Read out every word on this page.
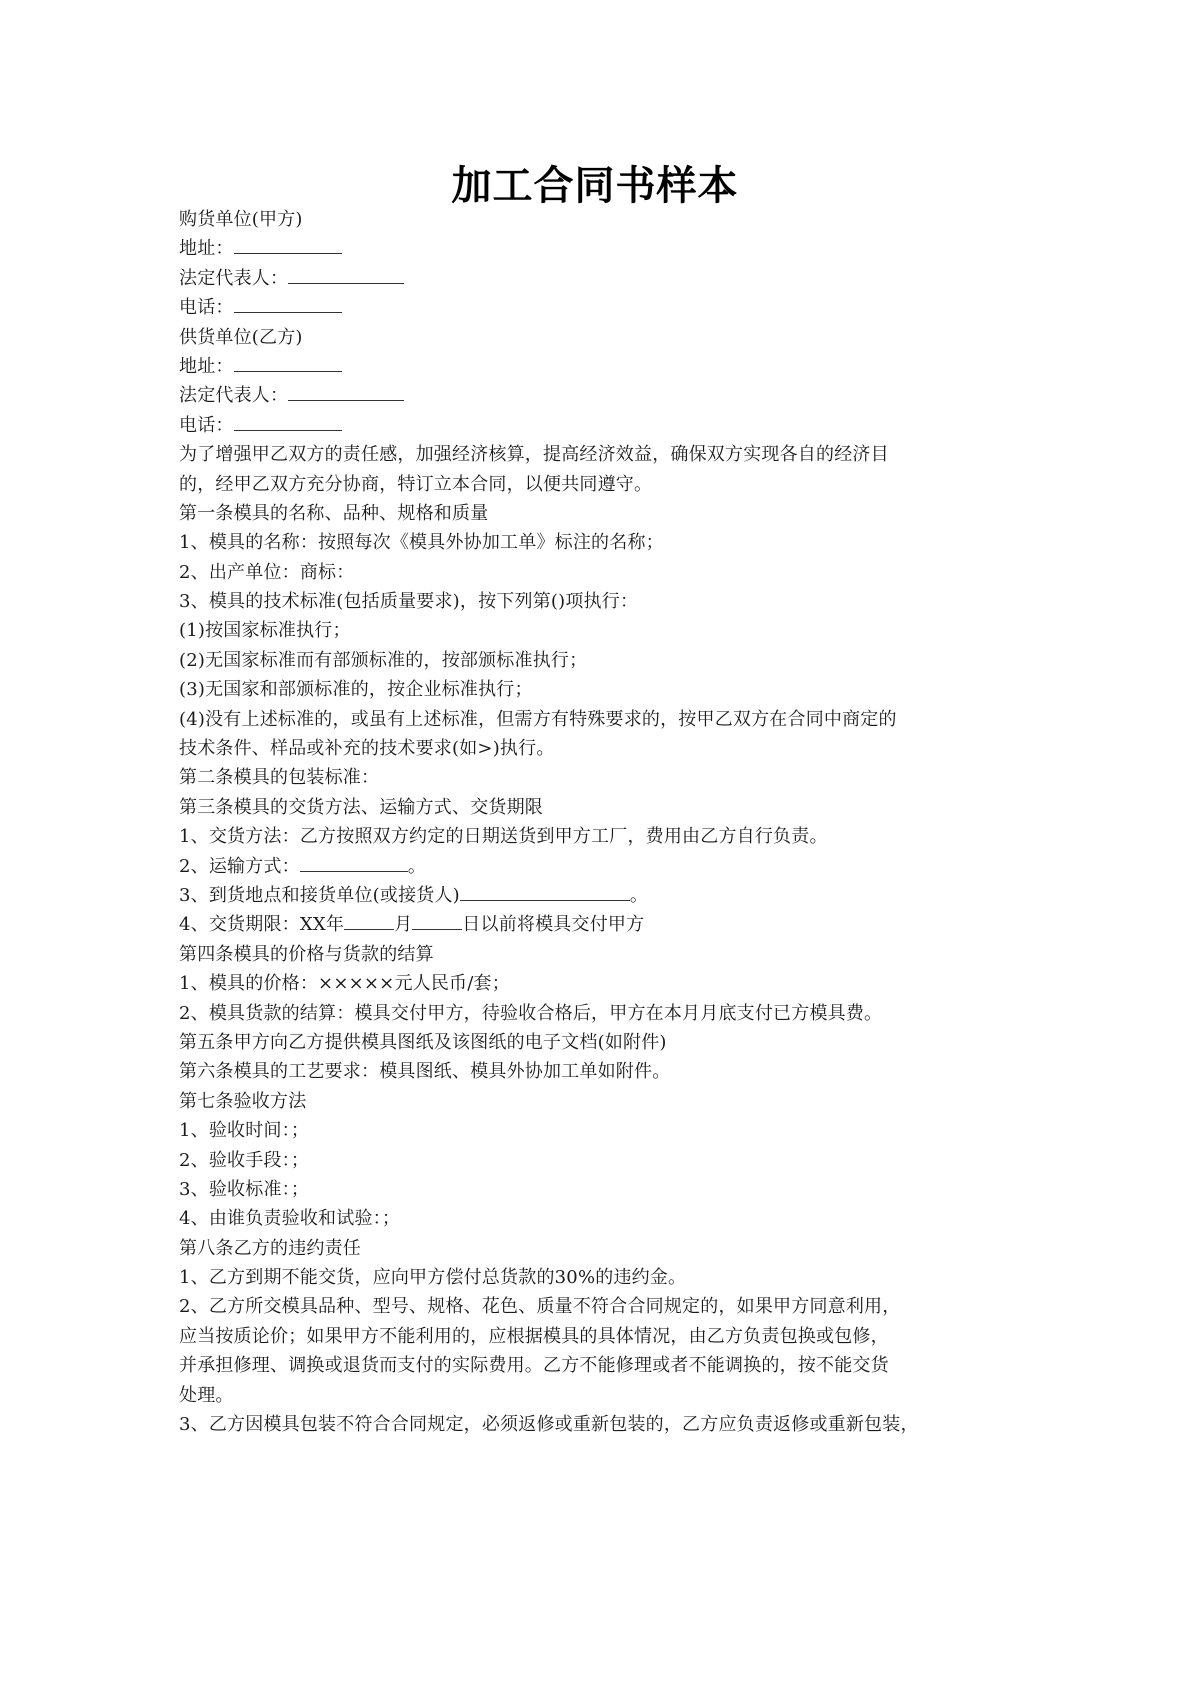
加工合同书样本
购货单位(甲方)
地址：
法定代表人：
电话：
供货单位(乙方)
地址：
法定代表人：
电话：
为了增强甲乙双方的责任感，加强经济核算，提高经济效益，确保双方实现各自的经济目
的，经甲乙双方充分协商，特订立本合同，以便共同遵守。
第一条模具的名称、品种、规格和质量
1、模具的名称：按照每次《模具外协加工单》标注的名称；
2、出产单位：商标：
3、模具的技术标准(包括质量要求)，按下列第()项执行：
(1)按国家标准执行；
(2)无国家标准而有部颁标准的，按部颁标准执行；
(3)无国家和部颁标准的，按企业标准执行；
(4)没有上述标准的，或虽有上述标准，但需方有特殊要求的，按甲乙双方在合同中商定的
技术条件、样品或补充的技术要求(如>)执行。
第二条模具的包装标准：
第三条模具的交货方法、运输方式、交货期限
1、交货方法：乙方按照双方约定的日期送货到甲方工厂，费用由乙方自行负责。
2、运输方式：	。
3、到货地点和接货单位(或接货人)	。
4、交货期限：XX年	月	日以前将模具交付甲方
第四条模具的价格与货款的结算
1、模具的价格：×××××元人民币/套；
2、模具货款的结算：模具交付甲方，待验收合格后，甲方在本月月底支付已方模具费。
第五条甲方向乙方提供模具图纸及该图纸的电子文档(如附件)
第六条模具的工艺要求：模具图纸、模具外协加工单如附件。
第七条验收方法
1、验收时间：；
2、验收手段：；
3、验收标准：；
4、由谁负责验收和试验：；
第八条乙方的违约责任
1、乙方到期不能交货，应向甲方偿付总货款的30%的违约金。
2、乙方所交模具品种、型号、规格、花色、质量不符合合同规定的，如果甲方同意利用，
应当按质论价；如果甲方不能利用的，应根据模具的具体情况，由乙方负责包换或包修，
并承担修理、调换或退货而支付的实际费用。乙方不能修理或者不能调换的，按不能交货
处理。
3、乙方因模具包装不符合合同规定，必须返修或重新包装的，乙方应负责返修或重新包装，
